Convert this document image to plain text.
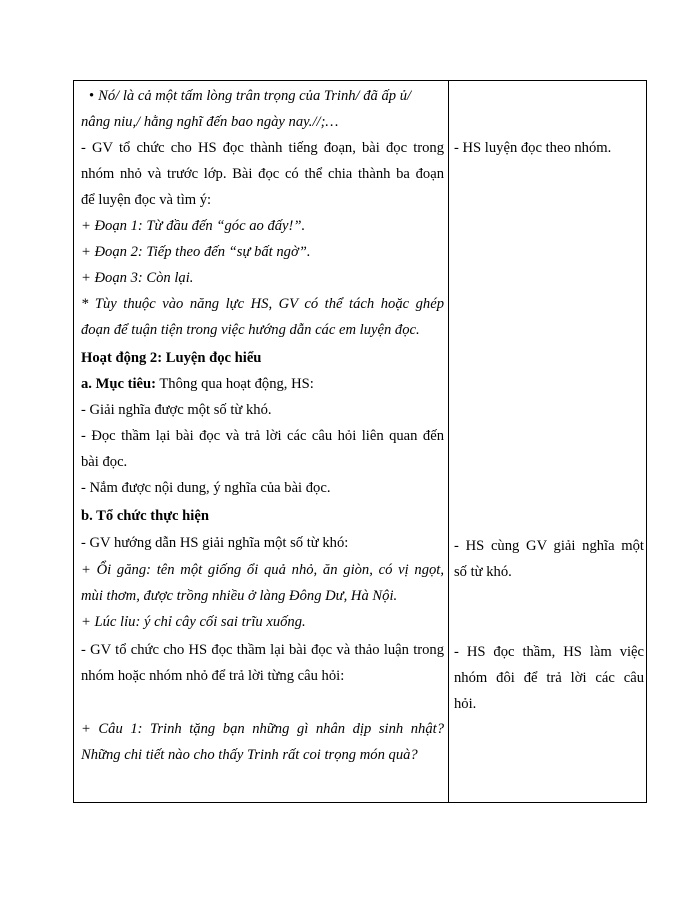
• Nó/ là cả một tấm lòng trân trọng của Trinh/ đã ấp ủ/
nâng niu,/ hằng nghĩ đến bao ngày nay.//;…
- GV tổ chức cho HS đọc thành tiếng đoạn, bài đọc trong
nhóm nhỏ và trước lớp. Bài đọc có thể chia thành ba đoạn
để luyện đọc và tìm ý:
+ Đoạn 1: Từ đầu đến “góc ao đấy!”.
+ Đoạn 2: Tiếp theo đến “sự bất ngờ”.
+ Đoạn 3: Còn lại.
* Tùy thuộc vào năng lực HS, GV có thể tách hoặc ghép
đoạn để tuận tiện trong việc hướng dẫn các em luyện đọc.
Hoạt động 2: Luyện đọc hiểu
a. Mục tiêu: Thông qua hoạt động, HS:
- Giải nghĩa được một số từ khó.
- Đọc thầm lại bài đọc và trả lời các câu hỏi liên quan đến
bài đọc.
- Nắm được nội dung, ý nghĩa của bài đọc.
b. Tổ chức thực hiện
- GV hướng dẫn HS giải nghĩa một số từ khó:
+ Ổi găng: tên một giống ổi quả nhỏ, ăn giòn, có vị ngọt,
mùi thơm, được trồng nhiều ở làng Đông Dư, Hà Nội.
+ Lúc lỉu: ý chỉ cây cối sai trĩu xuống.
- GV tổ chức cho HS đọc thầm lại bài đọc và thảo luận trong
nhóm hoặc nhóm nhỏ để trả lời từng câu hỏi:
+ Câu 1: Trinh tặng bạn những gì nhân dịp sinh nhật?
Những chi tiết nào cho thấy Trinh rất coi trọng món quà?
- HS luyện đọc theo nhóm.
- HS cùng GV giải nghĩa một
số từ khó.
- HS đọc thầm, HS làm việc
nhóm đôi để trả lời các câu
hỏi.
